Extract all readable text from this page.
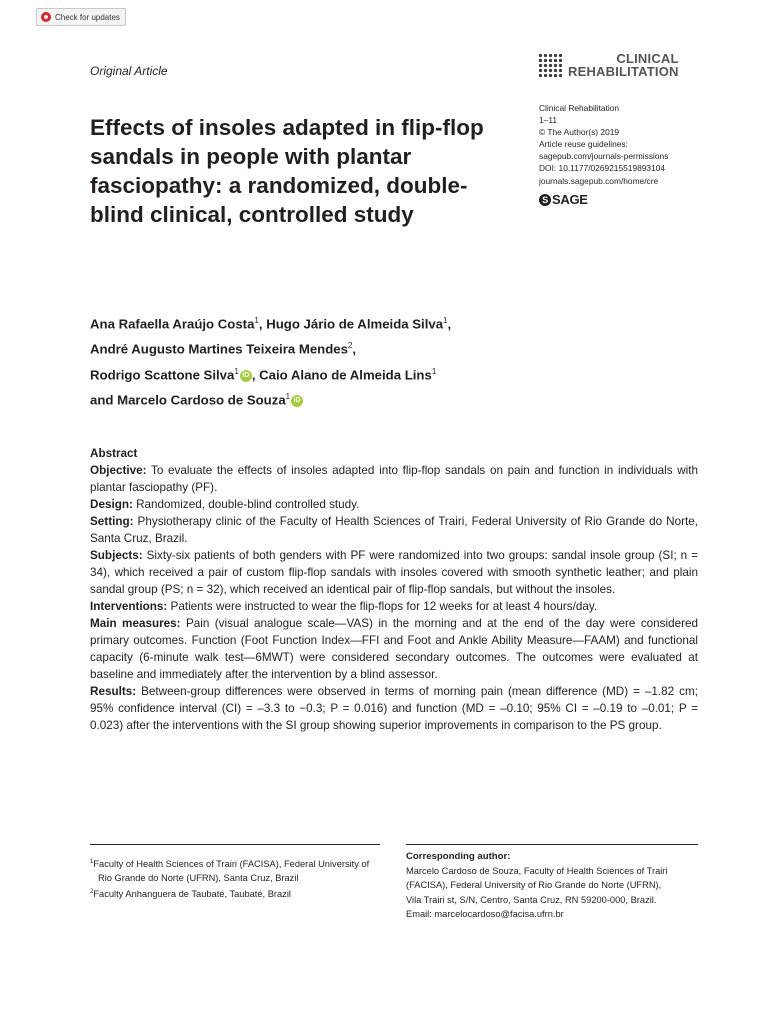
Check for updates
Original Article
CLINICAL
REHABILITATION
Clinical Rehabilitation
1–11
© The Author(s) 2019
Article reuse guidelines:
sagepub.com/journals-permissions
DOI: 10.1177/0269215519893104
journals.sagepub.com/home/cre
S SAGE
Effects of insoles adapted in flip-flop sandals in people with plantar fasciopathy: a randomized, double-blind clinical, controlled study
Ana Rafaella Araújo Costa$^1$, Hugo Jário de Almeida Silva$^1$,
André Augusto Martines Teixeira Mendes$^2$,
Rodrigo Scattone Silva$^1$ iD , Caio Alano de Almeida Lins$^1$
and Marcelo Cardoso de Souza$^1$ iD

Abstract

Objective: To evaluate the effects of insoles adapted into flip-flop sandals on pain and function in individuals with plantar fasciopathy (PF).

Design: Randomized, double-blind controlled study.

Setting: Physiotherapy clinic of the Faculty of Health Sciences of Trairi, Federal University of Rio Grande do Norte, Santa Cruz, Brazil.

Subjects: Sixty-six patients of both genders with PF were randomized into two groups: sandal insole group (SI; n = 34), which received a pair of custom flip-flop sandals with insoles covered with smooth synthetic leather; and plain sandal group (PS; n = 32), which received an identical pair of flip-flop sandals, but without the insoles.

Interventions: Patients were instructed to wear the flip-flops for 12 weeks for at least 4 hours/day.

Main measures: Pain (visual analogue scale—VAS) in the morning and at the end of the day were considered primary outcomes. Function (Foot Function Index—FFI and Foot and Ankle Ability Measure—FAAM) and functional capacity (6-minute walk test—6MWT) were considered secondary outcomes. The outcomes were evaluated at baseline and immediately after the intervention by a blind assessor.

Results: Between-group differences were observed in terms of morning pain (mean difference (MD) = –1.82 cm; 95% confidence interval (CI) = –3.3 to −0.3; P = 0.016) and function (MD = –0.10; 95% CI = –0.19 to –0.01; P = 0.023) after the interventions with the SI group showing superior improvements in comparison to the PS group.

$^1$Faculty of Health Sciences of Trairi (FACISA), Federal University of Rio Grande do Norte (UFRN), Santa Cruz, Brazil

$^2$Faculty Anhanguera de Taubaté, Taubaté, Brazil

Corresponding author:
Marcelo Cardoso de Souza, Faculty of Health Sciences of Trairi
(FACISA), Federal University of Rio Grande do Norte (UFRN),
Vila Trairi st, S/N, Centro, Santa Cruz, RN 59200-000, Brazil.
Email: marcelocardoso@facisa.ufrn.br
